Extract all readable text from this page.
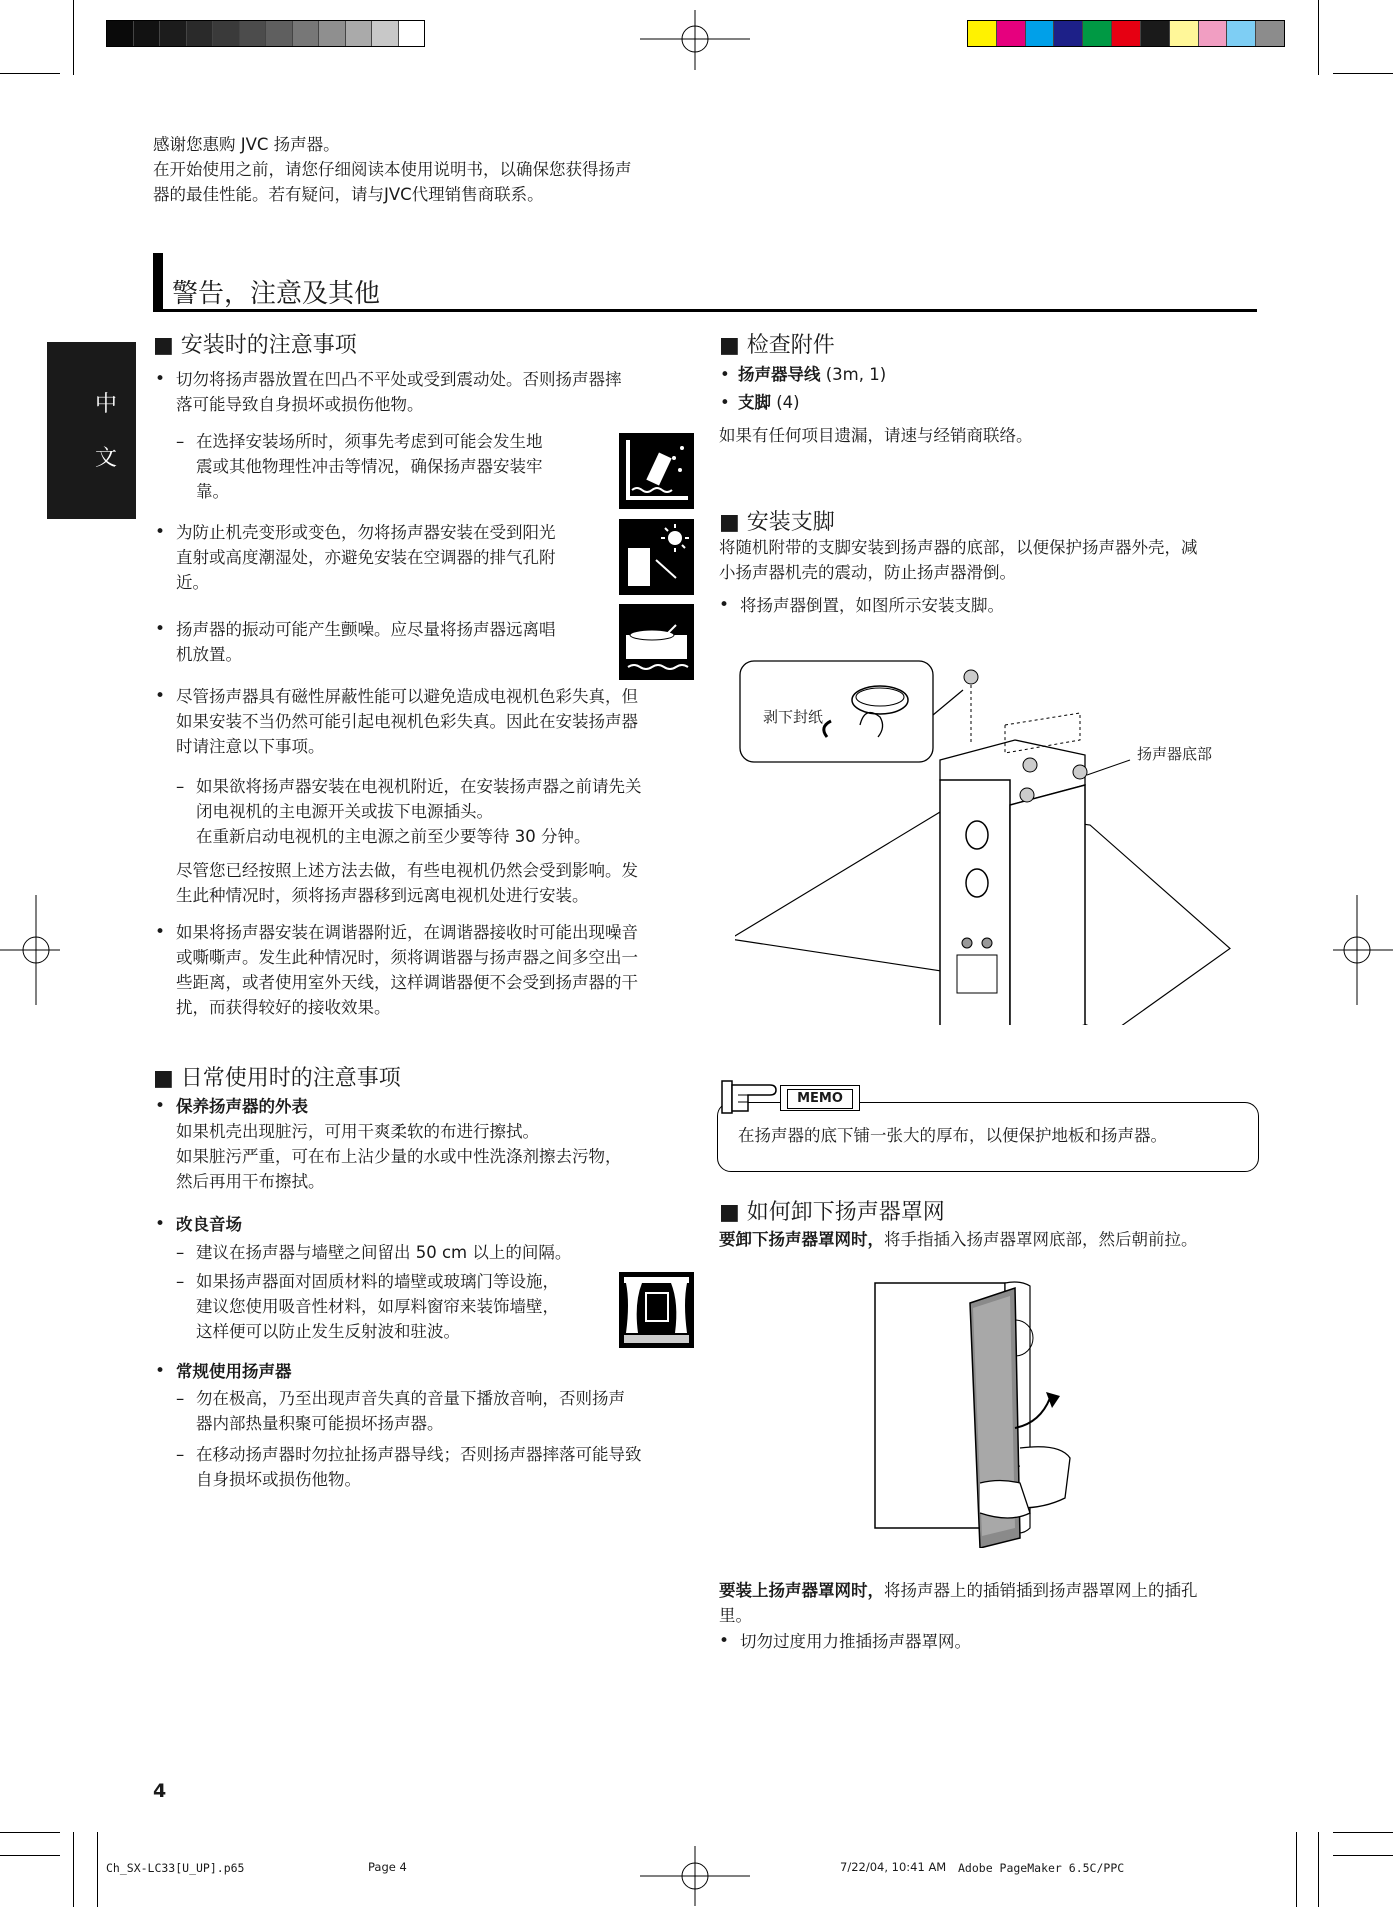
感谢您惠购 JVC 扬声器。
在开始使用之前，请您仔细阅读本使用说明书，以确保您获得扬声
器的最佳性能。若有疑问，请与JVC代理销售商联系。
中
文
警告，注意及其他
■ 安装时的注意事项
• 切勿将扬声器放置在凹凸不平处或受到震动处。否则扬声器摔
落可能导致自身损坏或损伤他物。
– 在选择安装场所时，须事先考虑到可能会发生地
震或其他物理性冲击等情况，确保扬声器安装牢
靠。
• 为防止机壳变形或变色，勿将扬声器安装在受到阳光
直射或高度潮湿处，亦避免安装在空调器的排气孔附
近。
• 扬声器的振动可能产生颤噪。应尽量将扬声器远离唱
机放置。
• 尽管扬声器具有磁性屏蔽性能可以避免造成电视机色彩失真，但
如果安装不当仍然可能引起电视机色彩失真。因此在安装扬声器
时请注意以下事项。
– 如果欲将扬声器安装在电视机附近，在安装扬声器之前请先关
闭电视机的主电源开关或拔下电源插头。
在重新启动电视机的主电源之前至少要等待 30 分钟。
尽管您已经按照上述方法去做，有些电视机仍然会受到影响。发
生此种情况时，须将扬声器移到远离电视机处进行安装。
• 如果将扬声器安装在调谐器附近，在调谐器接收时可能出现噪音
或嘶嘶声。发生此种情况时，须将调谐器与扬声器之间多空出一
些距离，或者使用室外天线，这样调谐器便不会受到扬声器的干
扰，而获得较好的接收效果。
■ 日常使用时的注意事项
• 保养扬声器的外表
如果机壳出现脏污，可用干爽柔软的布进行擦拭。
如果脏污严重，可在布上沾少量的水或中性洗涤剂擦去污物，
然后再用干布擦拭。
• 改良音场
– 建议在扬声器与墙壁之间留出 50 cm 以上的间隔。
– 如果扬声器面对固质材料的墙壁或玻璃门等设施，
建议您使用吸音性材料，如厚料窗帘来装饰墙壁，
这样便可以防止发生反射波和驻波。
• 常规使用扬声器
– 勿在极高，乃至出现声音失真的音量下播放音响，否则扬声
器内部热量积聚可能损坏扬声器。
– 在移动扬声器时勿拉扯扬声器导线；否则扬声器摔落可能导致
自身损坏或损伤他物。
■ 检查附件
• 扬声器导线 (3m, 1)
• 支脚 (4)
如果有任何项目遗漏，请速与经销商联络。
■ 安装支脚
将随机附带的支脚安装到扬声器的底部，以便保护扬声器外壳，减
小扬声器机壳的震动，防止扬声器滑倒。
• 将扬声器倒置，如图所示安装支脚。
剥下封纸
扬声器底部
MEMO
在扬声器的底下铺一张大的厚布，以便保护地板和扬声器。
■ 如何卸下扬声器罩网
要卸下扬声器罩网时，将手指插入扬声器罩网底部，然后朝前拉。
要装上扬声器罩网时，将扬声器上的插销插到扬声器罩网上的插孔
里。
• 切勿过度用力推插扬声器罩网。
4
Ch_SX-LC33[U_UP].p65	Page 4	7/22/04, 10:41 AM Adobe PageMaker 6.5C/PPC
